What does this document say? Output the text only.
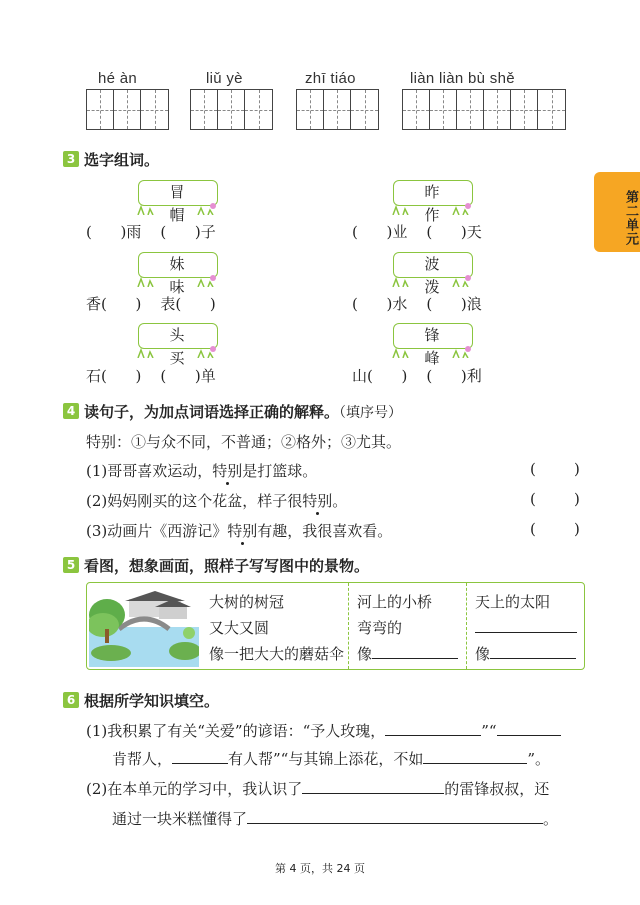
hé àn	liǔ yè	zhī tiáo	liàn liàn bù shě
第二单元
3 选字组词。
冒 帽
昨 作
妹 味
波 泼
头 买
锋 峰
(      )雨    (      )子	(      )业    (      )天
香(      )    表(      )	(      )水    (      )浪
石(      )    (      )单	山(      )    (      )利
4 读句子，为加点词语选择正确的解释。（填序号）
特别：①与众不同，不普通；②格外；③尤其。
(1)哥哥喜欢运动，特别是打篮球。	(        )
(2)妈妈刚买的这个花盆，样子很特别。	(        )
(3)动画片《西游记》特别有趣，我很喜欢看。	(        )
5 看图，想象画面，照样子写写图中的景物。
大树的树冠
又大又圆
像一把大大的蘑菇伞
河上的小桥
弯弯的
像
天上的太阳
像
6 根据所学知识填空。
(1)我积累了有关“关爱”的谚语：“予人玫瑰，	”“
肯帮人，	有人帮”“与其锦上添花，不如	”。
(2)在本单元的学习中，我认识了	的雷锋叔叔，还
通过一块米糕懂得了	。
第 4 页，共 24 页
